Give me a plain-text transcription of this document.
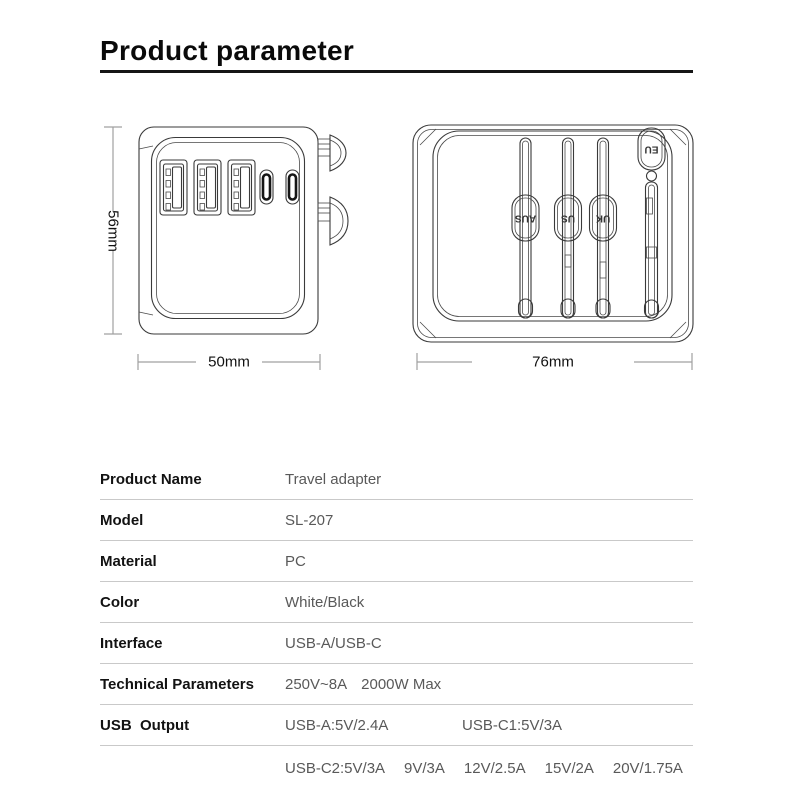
Product parameter
56mm
50mm
AUS US UK
EU
76mm
Product Name	Travel adapter
Model	SL-207
Material	PC
Color	White/Black
Interface	USB-A/USB-C
Technical Parameters	250V~8A 2000W Max
USB  Output	USB-A:5V/2.4A	USB-C1:5V/3A
USB-C2:5V/3A 9V/3A 12V/2.5A 15V/2A 20V/1.75A
